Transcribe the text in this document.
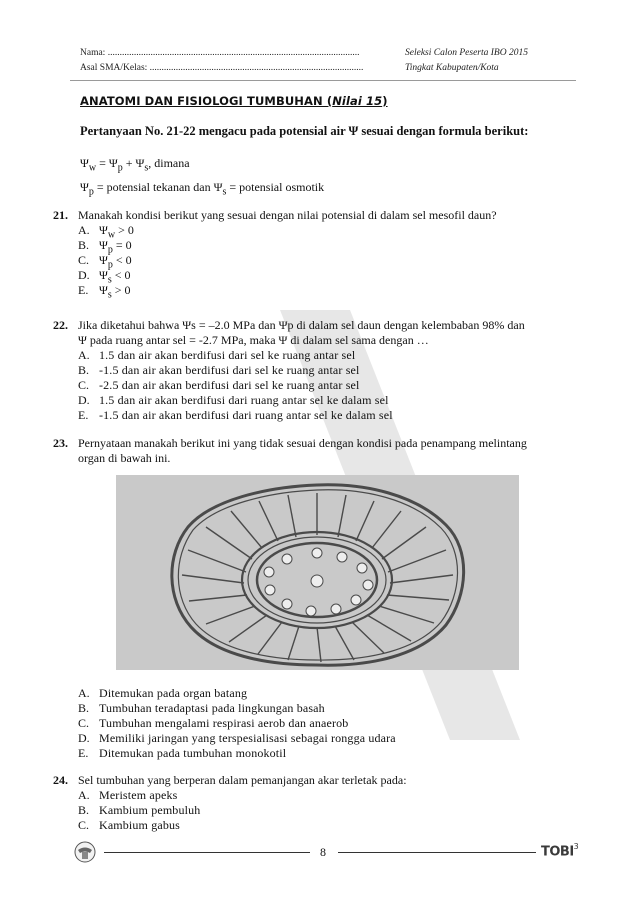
Nama: ..........................................................................................................
Asal SMA/Kelas: ..........................................................................................
Seleksi Calon Peserta IBO 2015
Tingkat Kabupaten/Kota
ANATOMI DAN FISIOLOGI TUMBUHAN (Nilai 15)
Pertanyaan No. 21-22 mengacu pada potensial air Ψ sesuai dengan formula berikut:
$\Psi_w = \Psi_p + \Psi_s$, dimana
$\Psi_p$ = potensial tekanan dan $\Psi_s$ = potensial osmotik
21. Manakah kondisi berikut yang sesuai dengan nilai potensial di dalam sel mesofil daun?
A. $\Psi_w > 0$
B. $\Psi_p = 0$
C. $\Psi_p < 0$
D. $\Psi_s < 0$
E. $\Psi_s > 0$
22. Jika diketahui bahwa Ψs = –2.0 MPa dan Ψp di dalam sel daun dengan kelembaban 98% dan
Ψ pada ruang antar sel = -2.7 MPa, maka Ψ di dalam sel sama dengan …
A. 1.5 dan air akan berdifusi dari sel ke ruang antar sel
B. -1.5 dan air akan berdifusi dari sel ke ruang antar sel
C. -2.5 dan air akan berdifusi dari sel ke ruang antar sel
D. 1.5 dan air akan berdifusi dari ruang antar sel ke dalam sel
E. -1.5 dan air akan berdifusi dari ruang antar sel ke dalam sel
23. Pernyataan manakah berikut ini yang tidak sesuai dengan kondisi pada penampang melintang
organ di bawah ini.
A. Ditemukan pada organ batang
B. Tumbuhan teradaptasi pada lingkungan basah
C. Tumbuhan mengalami respirasi aerob dan anaerob
D. Memiliki jaringan yang terspesialisasi sebagai rongga udara
E. Ditemukan pada tumbuhan monokotil
24. Sel tumbuhan yang berperan dalam pemanjangan akar terletak pada:
A. Meristem apeks
B. Kambium pembuluh
C. Kambium gabus
8	TOBI$^3$
